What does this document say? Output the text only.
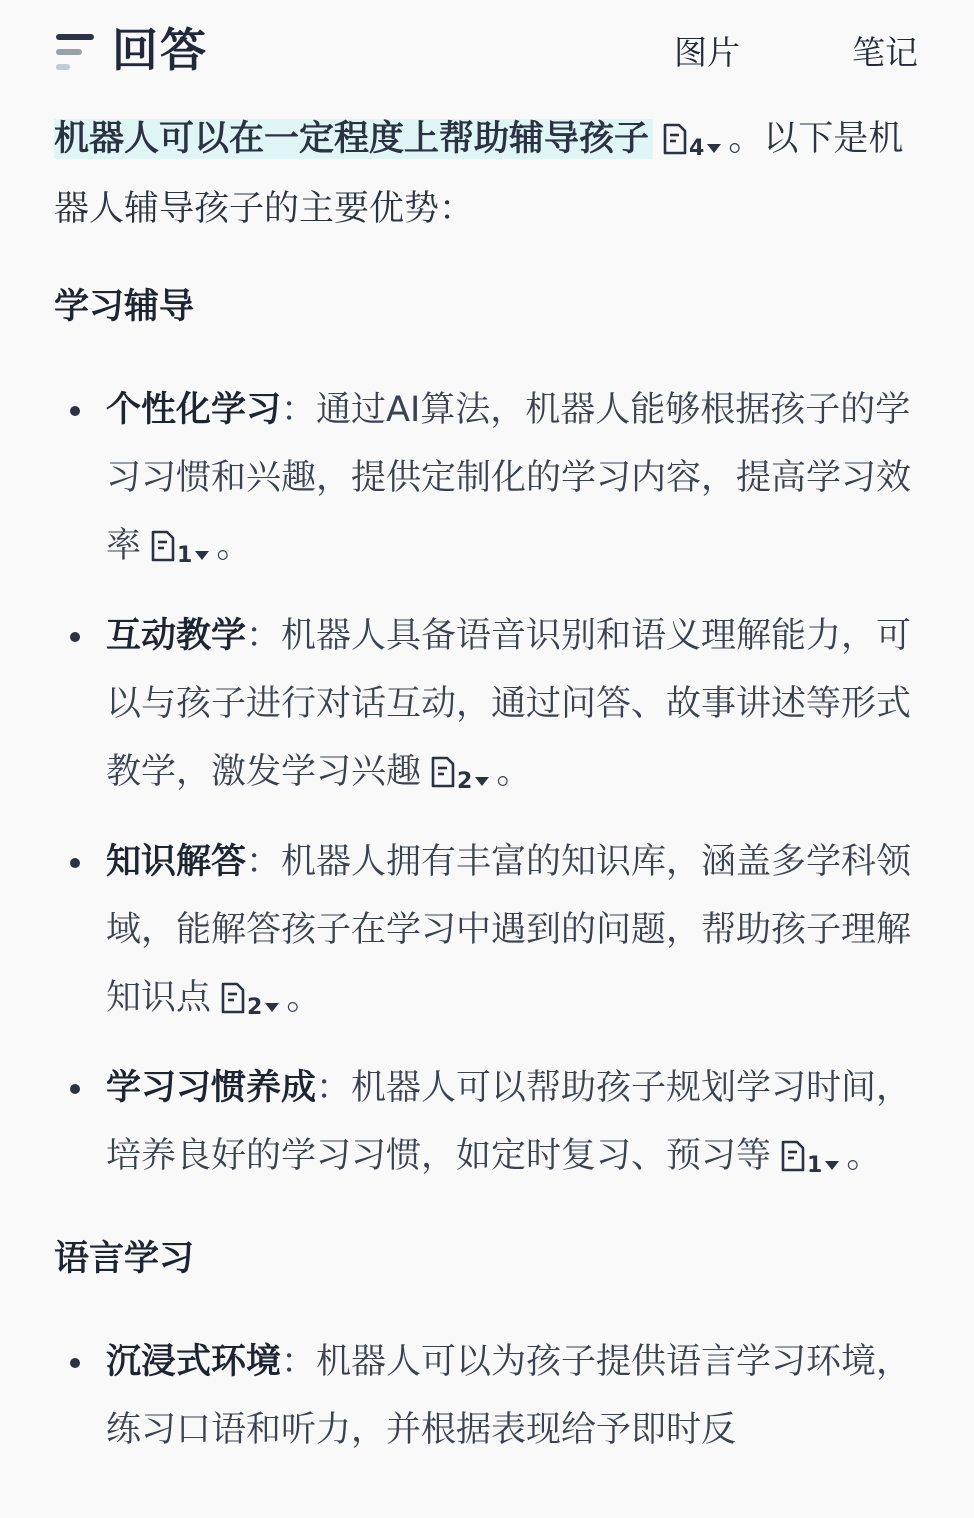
回答	图片	笔记

机器人可以在一定程度上帮助辅导孩子 4 。以下是机器人辅导孩子的主要优势：

学习辅导
个性化学习：通过AI算法，机器人能够根据孩子的学习习惯和兴趣，提供定制化的学习内容，提高学习效率 1 。
互动教学：机器人具备语音识别和语义理解能力，可以与孩子进行对话互动，通过问答、故事讲述等形式教学，激发学习兴趣 2 。
知识解答：机器人拥有丰富的知识库，涵盖多学科领域，能解答孩子在学习中遇到的问题，帮助孩子理解知识点 2 。
学习习惯养成：机器人可以帮助孩子规划学习时间，培养良好的学习习惯，如定时复习、预习等 1 。
语言学习
沉浸式环境：机器人可以为孩子提供语言学习环境，练习口语和听力，并根据表现给予即时反
